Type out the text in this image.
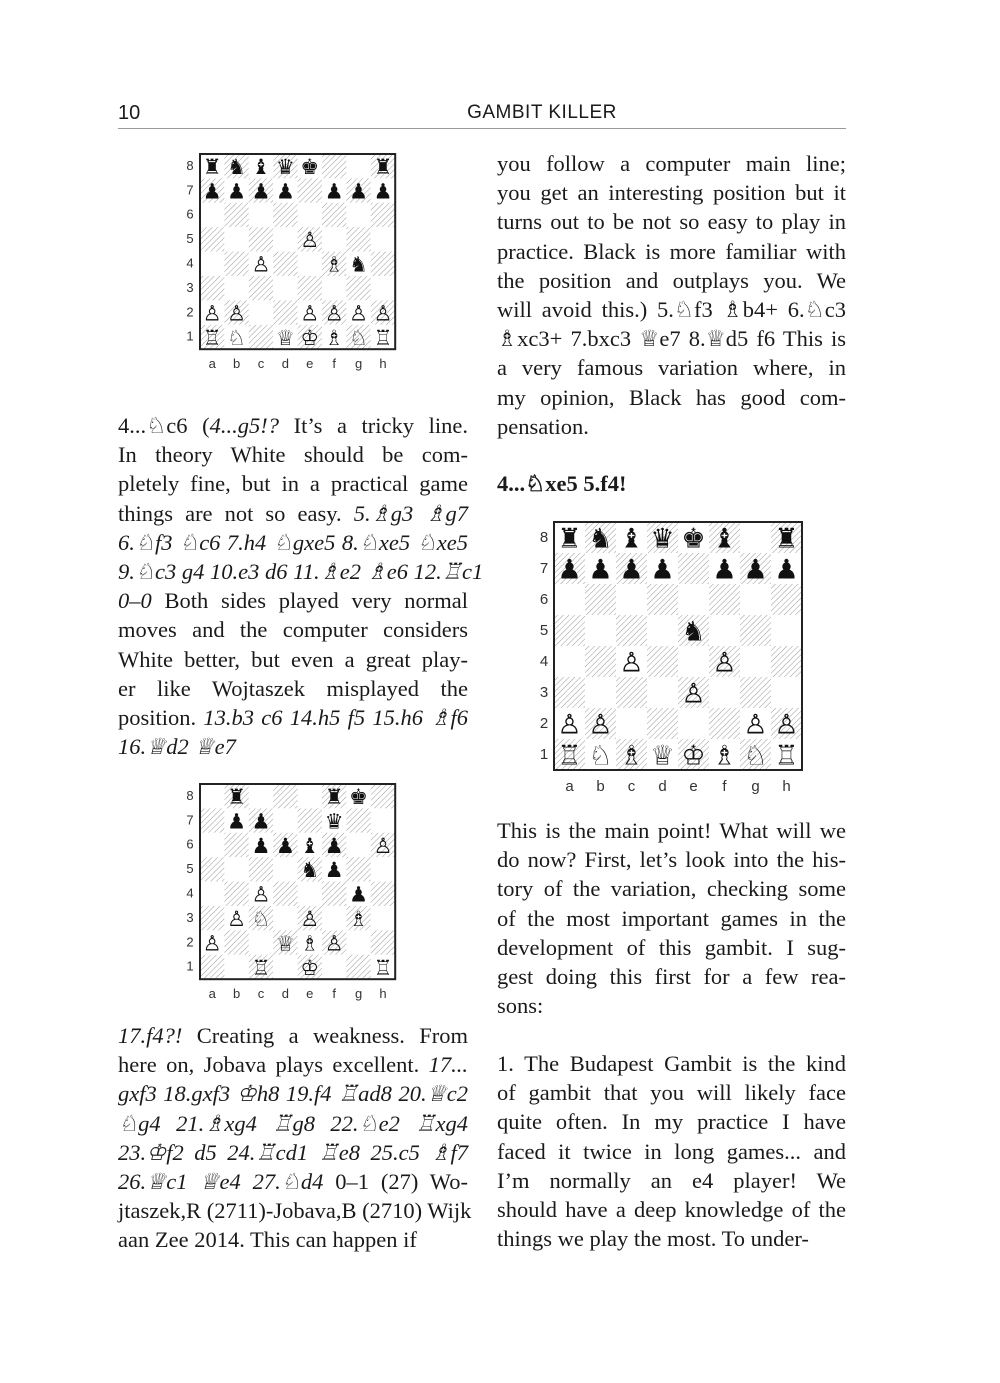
10	GAMBIT KILLER
♜ ♞ ♝ ♛ ♚	♜
♟ ♟ ♟ ♟ ♟ ♟ ♟
♙
♙	♗ ♞
♙ ♙	♙ ♙ ♙ ♙
♖ ♘ ♕ ♔ ♗ ♘ ♖
8
7
6
5
4
3
2
1
a b c d e f g h
4...♘c6 (4...g5!? It’s a tricky line.
In theory White should be com-
pletely fine, but in a practical game
things are not so easy. 5.♗g3 ♗g7
6.♘f3 ♘c6 7.h4 ♘gxe5 8.♘xe5 ♘xe5
9.♘c3 g4 10.e3 d6 11.♗e2 ♗e6 12.♖c1
0–0 Both sides played very normal
moves and the computer considers
White better, but even a great play-
er like Wojtaszek misplayed the
position. 13.b3 c6 14.h5 f5 15.h6 ♗f6
16.♕d2 ♕e7
♜	♜ ♚
♟ ♟	♛
♟ ♟ ♝ ♟ ♙
♞ ♟
♙	♟
♙ ♘ ♙ ♗
♙	♕ ♗ ♙
♖ ♔	♖
8
7
6
5
4
3
2
1
a b c d e f g h
17.f4?! Creating a weakness. From
here on, Jobava plays excellent. 17...
gxf3 18.gxf3 ♔h8 19.f4 ♖ad8 20.♕c2
♘g4 21.♗xg4 ♖g8 22.♘e2 ♖xg4
23.♔f2 d5 24.♖cd1 ♖e8 25.c5 ♗f7
26.♕c1 ♕e4 27.♘d4 0–1 (27) Wo-
jtaszek,R (2711)-Jobava,B (2710) Wijk
aan Zee 2014. This can happen if
you follow a computer main line;
you get an interesting position but it
turns out to be not so easy to play in
practice. Black is more familiar with
the position and outplays you. We
will avoid this.) 5.♘f3 ♗b4+ 6.♘c3
♗xc3+ 7.bxc3 ♕e7 8.♕d5 f6 This is
a very famous variation where, in
my opinion, Black has good com-
pensation.
4...♘xe5 5.f4!
♜ ♞ ♝ ♛ ♚ ♝ ♜
♟ ♟ ♟ ♟ ♟ ♟ ♟
♞
♙	♙
♙
♙ ♙	♙ ♙
♖ ♘ ♗ ♕ ♔ ♗ ♘ ♖
8
7
6
5
4
3
2
1
a b c d e f g h
This is the main point! What will we
do now? First, let’s look into the his-
tory of the variation, checking some
of the most important games in the
development of this gambit. I sug-
gest doing this first for a few rea-
sons:
1. The Budapest Gambit is the kind
of gambit that you will likely face
quite often. In my practice I have
faced it twice in long games... and
I’m normally an e4 player! We
should have a deep knowledge of the
things we play the most. To under-
